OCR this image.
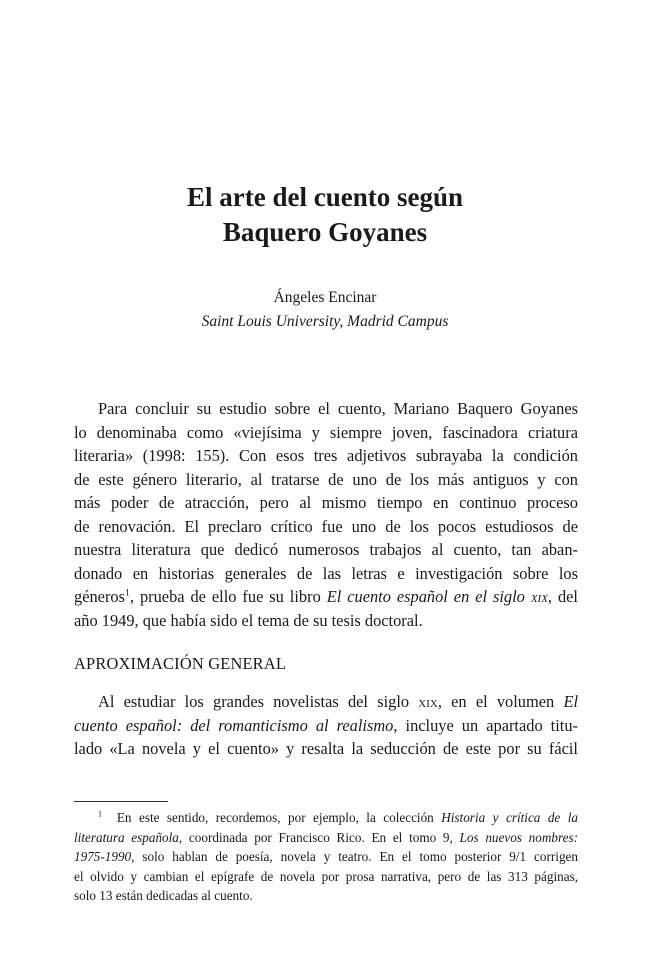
El arte del cuento según
Baquero Goyanes
Ángeles Encinar
Saint Louis University, Madrid Campus

Para concluir su estudio sobre el cuento, Mariano Baquero Goyanes
lo denominaba como «viejísima y siempre joven, fascinadora criatura
literaria» (1998: 155). Con esos tres adjetivos subrayaba la condición
de este género literario, al tratarse de uno de los más antiguos y con
más poder de atracción, pero al mismo tiempo en continuo proceso
de renovación. El preclaro crítico fue uno de los pocos estudiosos de
nuestra literatura que dedicó numerosos trabajos al cuento, tan aban-
donado en historias generales de las letras e investigación sobre los
géneros$^1$, prueba de ello fue su libro El cuento español en el siglo xix, del
año 1949, que había sido el tema de su tesis doctoral.

APROXIMACIÓN GENERAL

Al estudiar los grandes novelistas del siglo xix, en el volumen El
cuento español: del romanticismo al realismo, incluye un apartado titu-
lado «La novela y el cuento» y resalta la seducción de este por su fácil

$^1$ En este sentido, recordemos, por ejemplo, la colección Historia y crítica de la
literatura española, coordinada por Francisco Rico. En el tomo 9, Los nuevos nombres:
1975-1990, solo hablan de poesía, novela y teatro. En el tomo posterior 9/1 corrigen
el olvido y cambian el epígrafe de novela por prosa narrativa, pero de las 313 páginas,
solo 13 están dedicadas al cuento.
